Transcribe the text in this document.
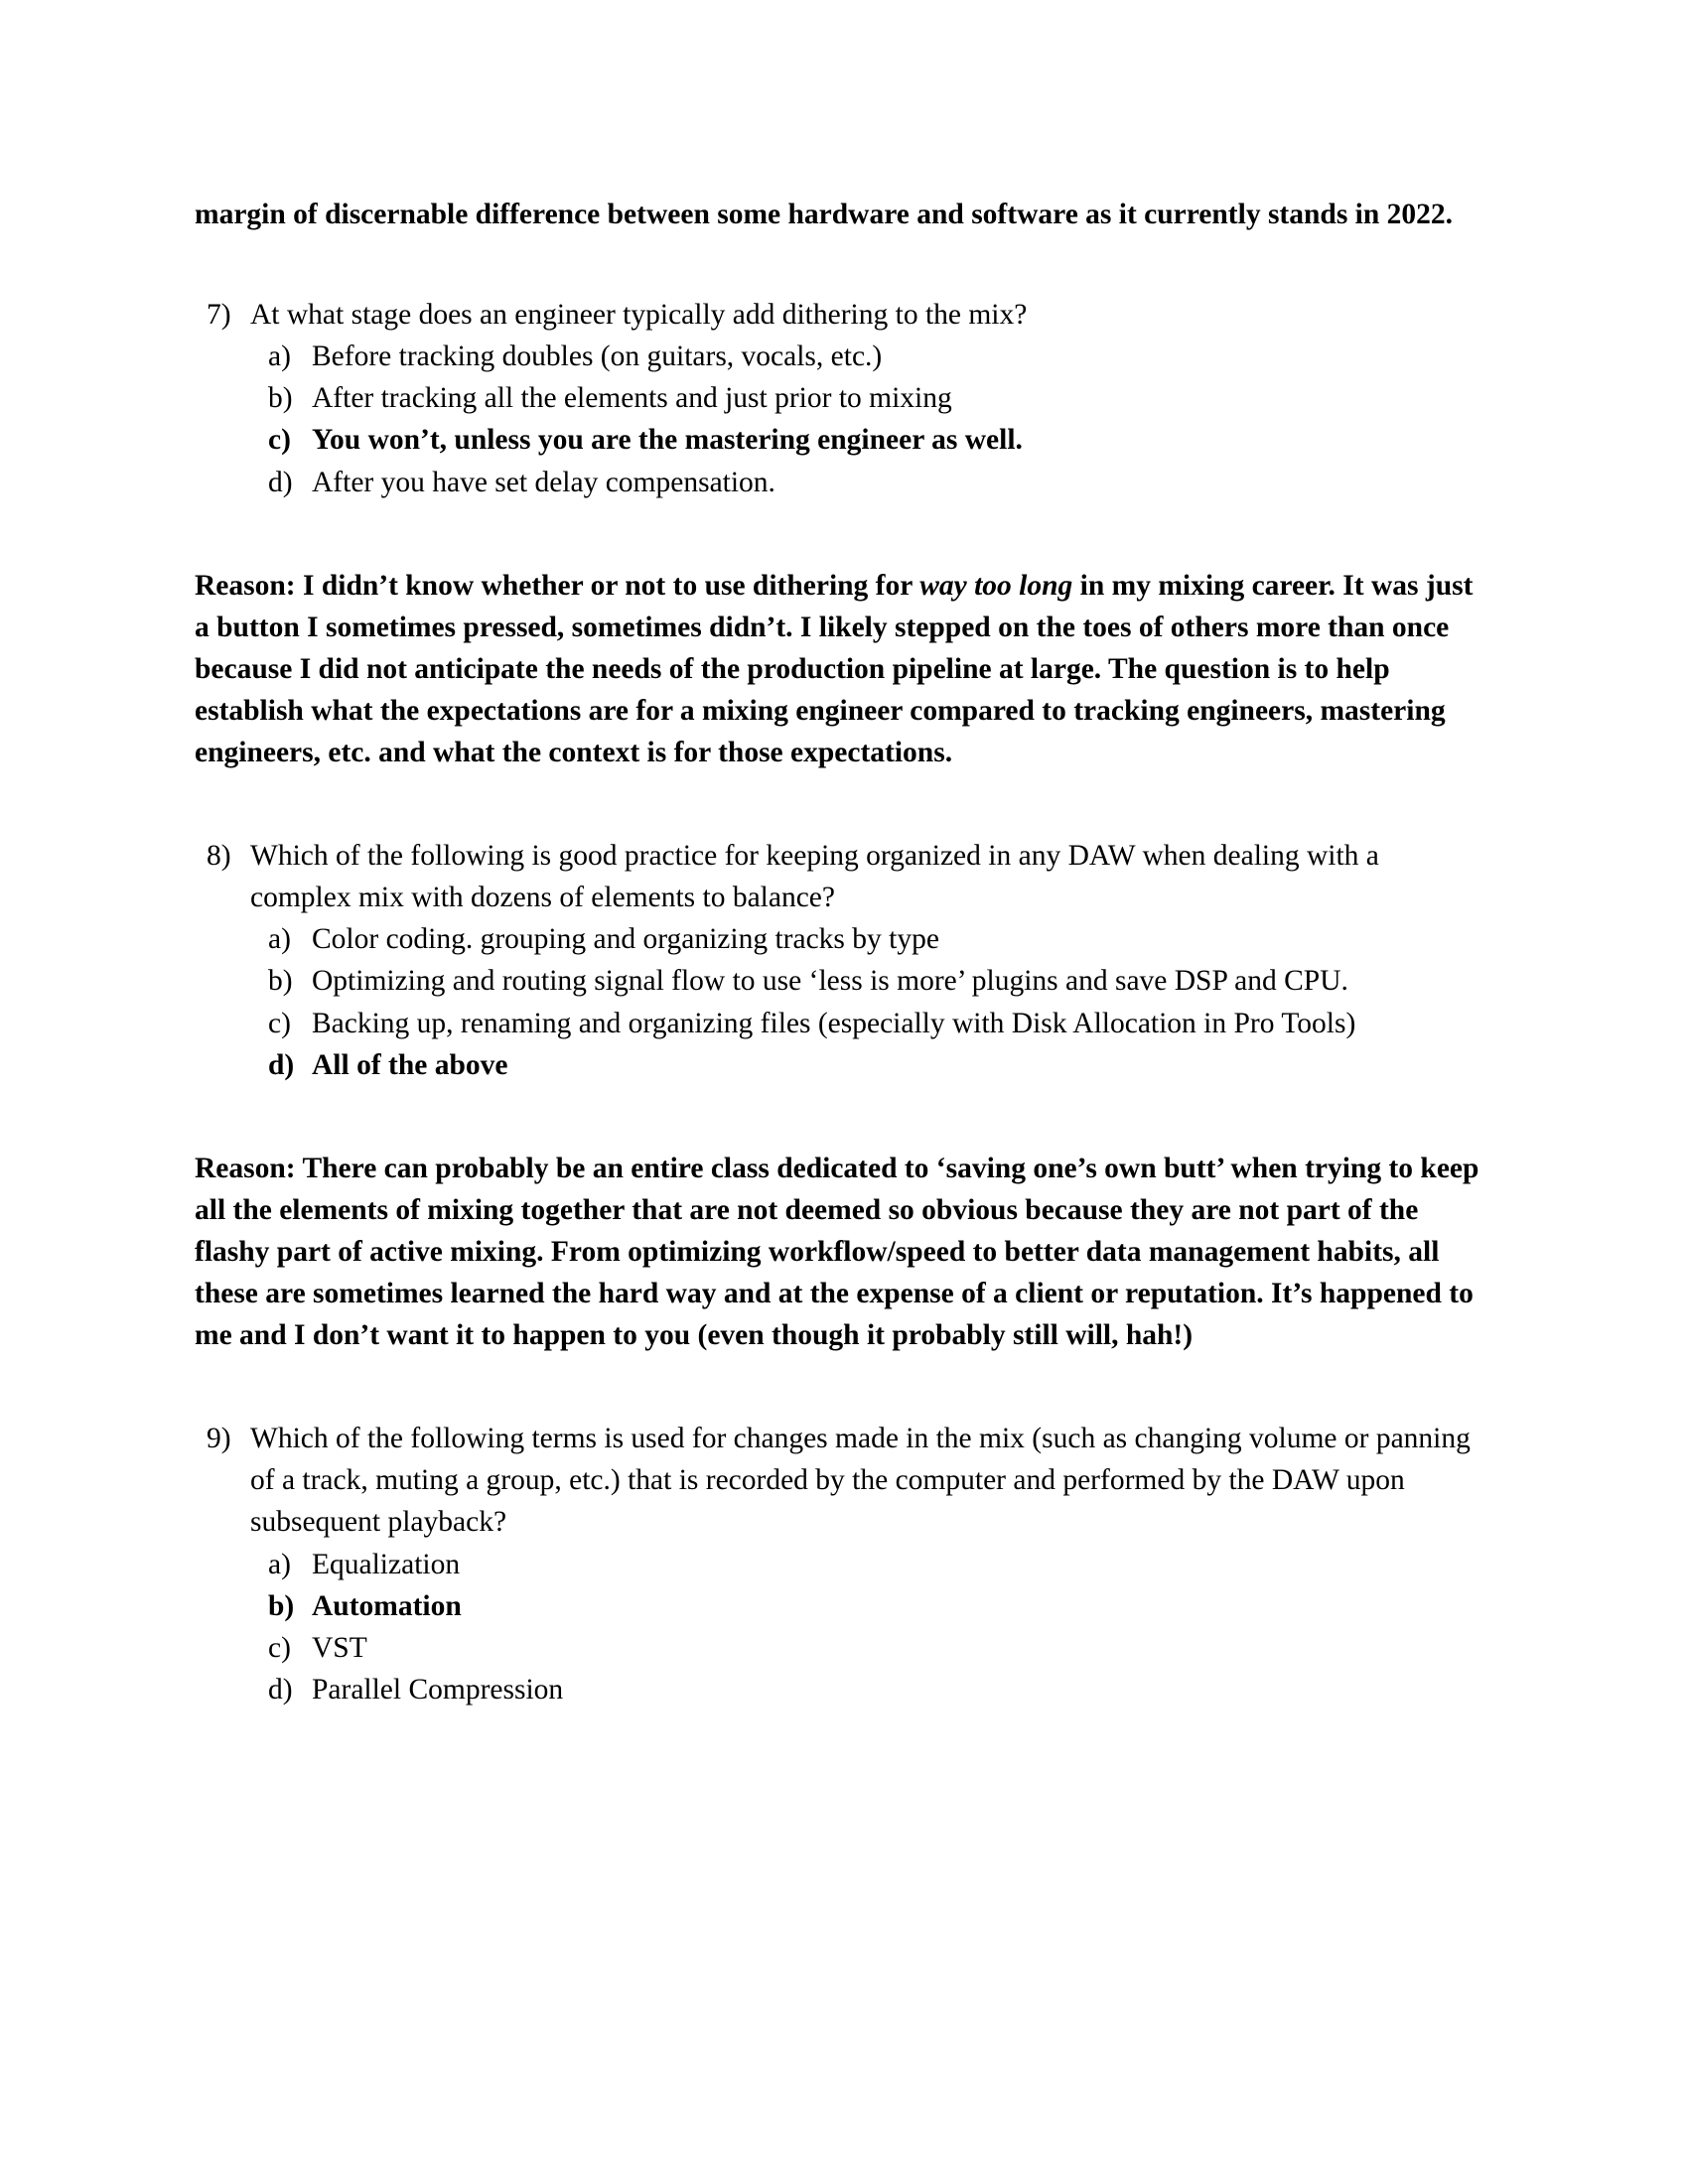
margin of discernable difference between some hardware and software as it currently stands in 2022.

7) At what stage does an engineer typically add dithering to the mix?
a) Before tracking doubles (on guitars, vocals, etc.)
b) After tracking all the elements and just prior to mixing
c) You won’t, unless you are the mastering engineer as well.
d) After you have set delay compensation.

Reason: I didn’t know whether or not to use dithering for way too long in my mixing career. It was just a button I sometimes pressed, sometimes didn’t. I likely stepped on the toes of others more than once because I did not anticipate the needs of the production pipeline at large. The question is to help establish what the expectations are for a mixing engineer compared to tracking engineers, mastering engineers, etc. and what the context is for those expectations.

8) Which of the following is good practice for keeping organized in any DAW when dealing with a complex mix with dozens of elements to balance?
a) Color coding. grouping and organizing tracks by type
b) Optimizing and routing signal flow to use ‘less is more’ plugins and save DSP and CPU.
c) Backing up, renaming and organizing files (especially with Disk Allocation in Pro Tools)
d) All of the above

Reason: There can probably be an entire class dedicated to ‘saving one’s own butt’ when trying to keep all the elements of mixing together that are not deemed so obvious because they are not part of the flashy part of active mixing. From optimizing workflow/speed to better data management habits, all these are sometimes learned the hard way and at the expense of a client or reputation. It’s happened to me and I don’t want it to happen to you (even though it probably still will, hah!)

9) Which of the following terms is used for changes made in the mix (such as changing volume or panning of a track, muting a group, etc.) that is recorded by the computer and performed by the DAW upon subsequent playback?
a) Equalization
b) Automation
c) VST
d) Parallel Compression
